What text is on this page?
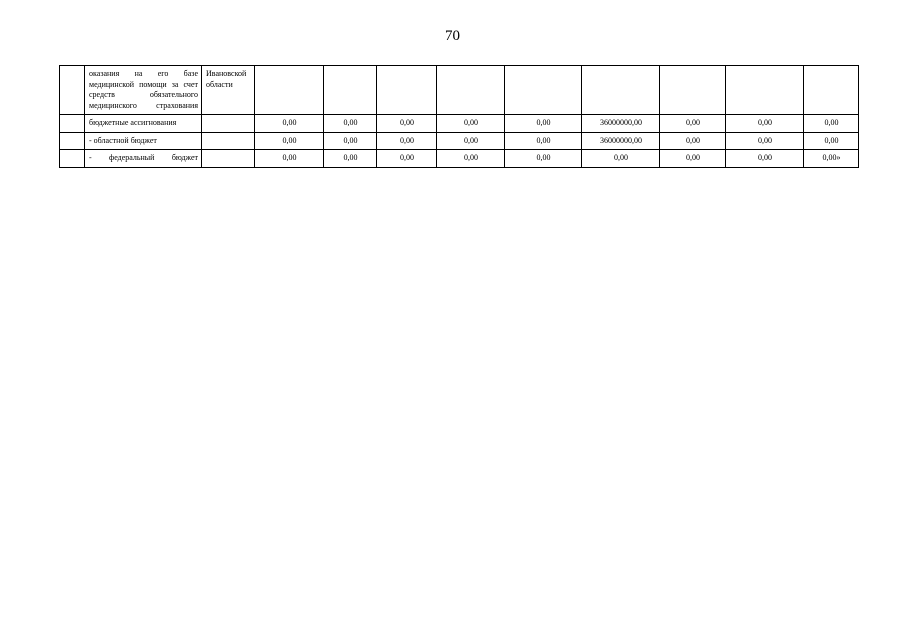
70
	оказания на его базе медицинской помощи за счет средств обязательного медицинского страхования	Ивановской области									
	бюджетные ассигнования		0,00	0,00	0,00	0,00	0,00	36000000,00	0,00	0,00	0,00
	- областной бюджет		0,00	0,00	0,00	0,00	0,00	36000000,00	0,00	0,00	0,00
	- федеральный бюджет		0,00	0,00	0,00	0,00	0,00	0,00	0,00	0,00	0,00»
